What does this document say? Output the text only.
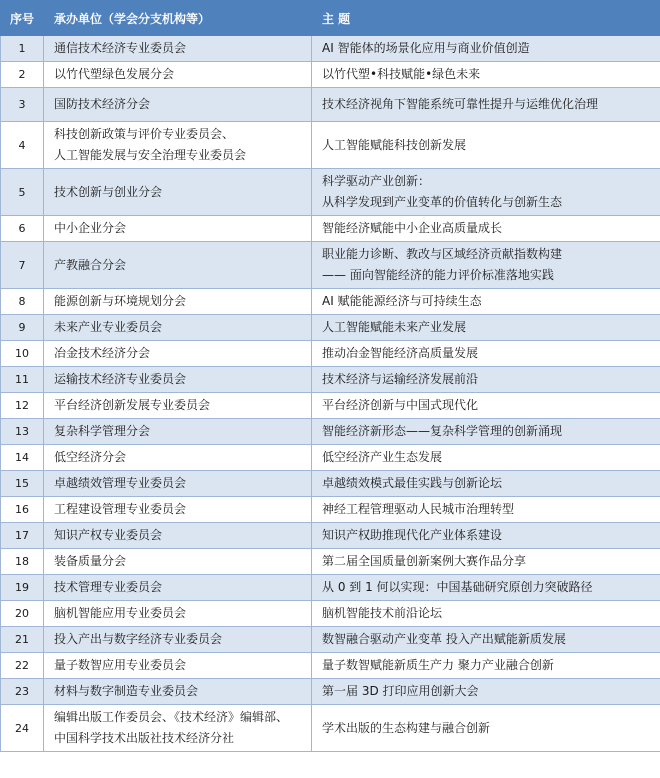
序号	承办单位（学会分支机构等）	主 题
1	通信技术经济专业委员会	AI 智能体的场景化应用与商业价值创造

2	以竹代塑绿色发展分会	以竹代塑•科技赋能•绿色未来

3	国防技术经济分会	技术经济视角下智能系统可靠性提升与运维优化治理

4	科技创新政策与评价专业委员会、
人工智能发展与安全治理专业委员会	人工智能赋能科技创新发展

5	技术创新与创业分会	科学驱动产业创新：
从科学发现到产业变革的价值转化与创新生态

6	中小企业分会	智能经济赋能中小企业高质量成长

7	产教融合分会	职业能力诊断、教改与区域经济贡献指数构建
—— 面向智能经济的能力评价标准落地实践

8	能源创新与环境规划分会	AI 赋能能源经济与可持续生态

9	未来产业专业委员会	人工智能赋能未来产业发展

10	冶金技术经济分会	推动冶金智能经济高质量发展

11	运输技术经济专业委员会	技术经济与运输经济发展前沿

12	平台经济创新发展专业委员会	平台经济创新与中国式现代化

13	复杂科学管理分会	智能经济新形态——复杂科学管理的创新涌现

14	低空经济分会	低空经济产业生态发展

15	卓越绩效管理专业委员会	卓越绩效模式最佳实践与创新论坛

16	工程建设管理专业委员会	神经工程管理驱动人民城市治理转型

17	知识产权专业委员会	知识产权助推现代化产业体系建设

18	装备质量分会	第二届全国质量创新案例大赛作品分享

19	技术管理专业委员会	从 0 到 1 何以实现：中国基础研究原创力突破路径

20	脑机智能应用专业委员会	脑机智能技术前沿论坛

21	投入产出与数字经济专业委员会	数智融合驱动产业变革 投入产出赋能新质发展

22	量子数智应用专业委员会	量子数智赋能新质生产力 聚力产业融合创新

23	材料与数字制造专业委员会	第一届 3D 打印应用创新大会

24	编辑出版工作委员会、《技术经济》编辑部、
中国科学技术出版社技术经济分社	学术出版的生态构建与融合创新
